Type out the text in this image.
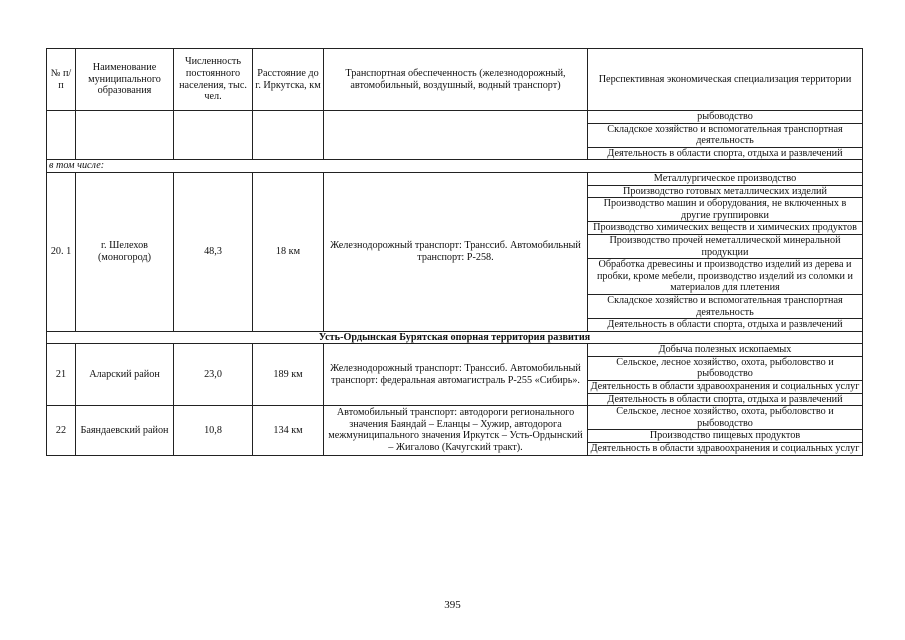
№ п/п	Наименование муниципального образования	Численность постоянного населения, тыс. чел.	Расстояние до г. Иркутска, км	Транспортная обеспеченность (железнодорожный, автомобильный, воздушный, водный транспорт)	Перспективная экономическая специализация территории
					рыбоводство
					Складское хозяйство и вспомогательная транспортная деятельность
					Деятельность в области спорта, отдыха и развлечений
в том числе:					
20. 1	г. Шелехов (моногород)	48,3	18 км	Железнодорожный транспорт: Транссиб. Автомобильный транспорт: Р-258.	Металлургическое производство
					Производство готовых металлических изделий
					Производство машин и оборудования, не включенных в другие группировки
					Производство химических веществ и химических продуктов
					Производство прочей неметаллической минеральной продукции
					Обработка древесины и производство изделий из дерева и пробки, кроме мебели, производство изделий из соломки и материалов для плетения
					Складское хозяйство и вспомогательная транспортная деятельность
					Деятельность в области спорта, отдыха и развлечений
Усть-Ордынская Бурятская опорная территория развития					
21	Аларский район	23,0	189 км	Железнодорожный транспорт: Транссиб. Автомобильный транспорт: федеральная автомагистраль Р-255 «Сибирь».	Добыча полезных ископаемых
					Сельское, лесное хозяйство, охота, рыболовство и рыбоводство
					Деятельность в области здравоохранения и социальных услуг
					Деятельность в области спорта, отдыха и развлечений
22	Баяндаевский район	10,8	134 км	Автомобильный транспорт: автодороги регионального значения Баяндай – Еланцы – Хужир, автодорога межмуниципального значения Иркутск – Усть-Ордынский – Жигалово (Качугский тракт).	Сельское, лесное хозяйство, охота, рыболовство и рыбоводство
					Производство пищевых продуктов
					Деятельность в области здравоохранения и социальных услуг
395
